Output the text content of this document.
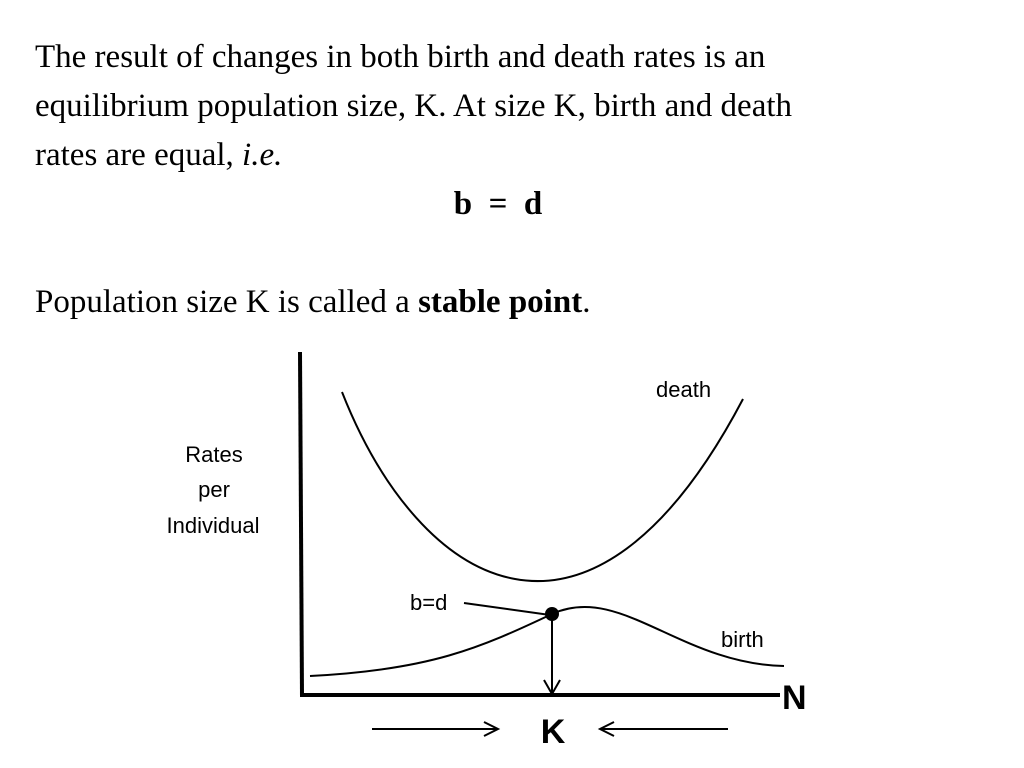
The result of changes in both birth and death rates is an
equilibrium population size, K. At size K, birth and death
rates are equal, i.e.

b  =  d

Population size K is called a stable point.

Rates
per
Individual
death
birth
b=d
N
K
